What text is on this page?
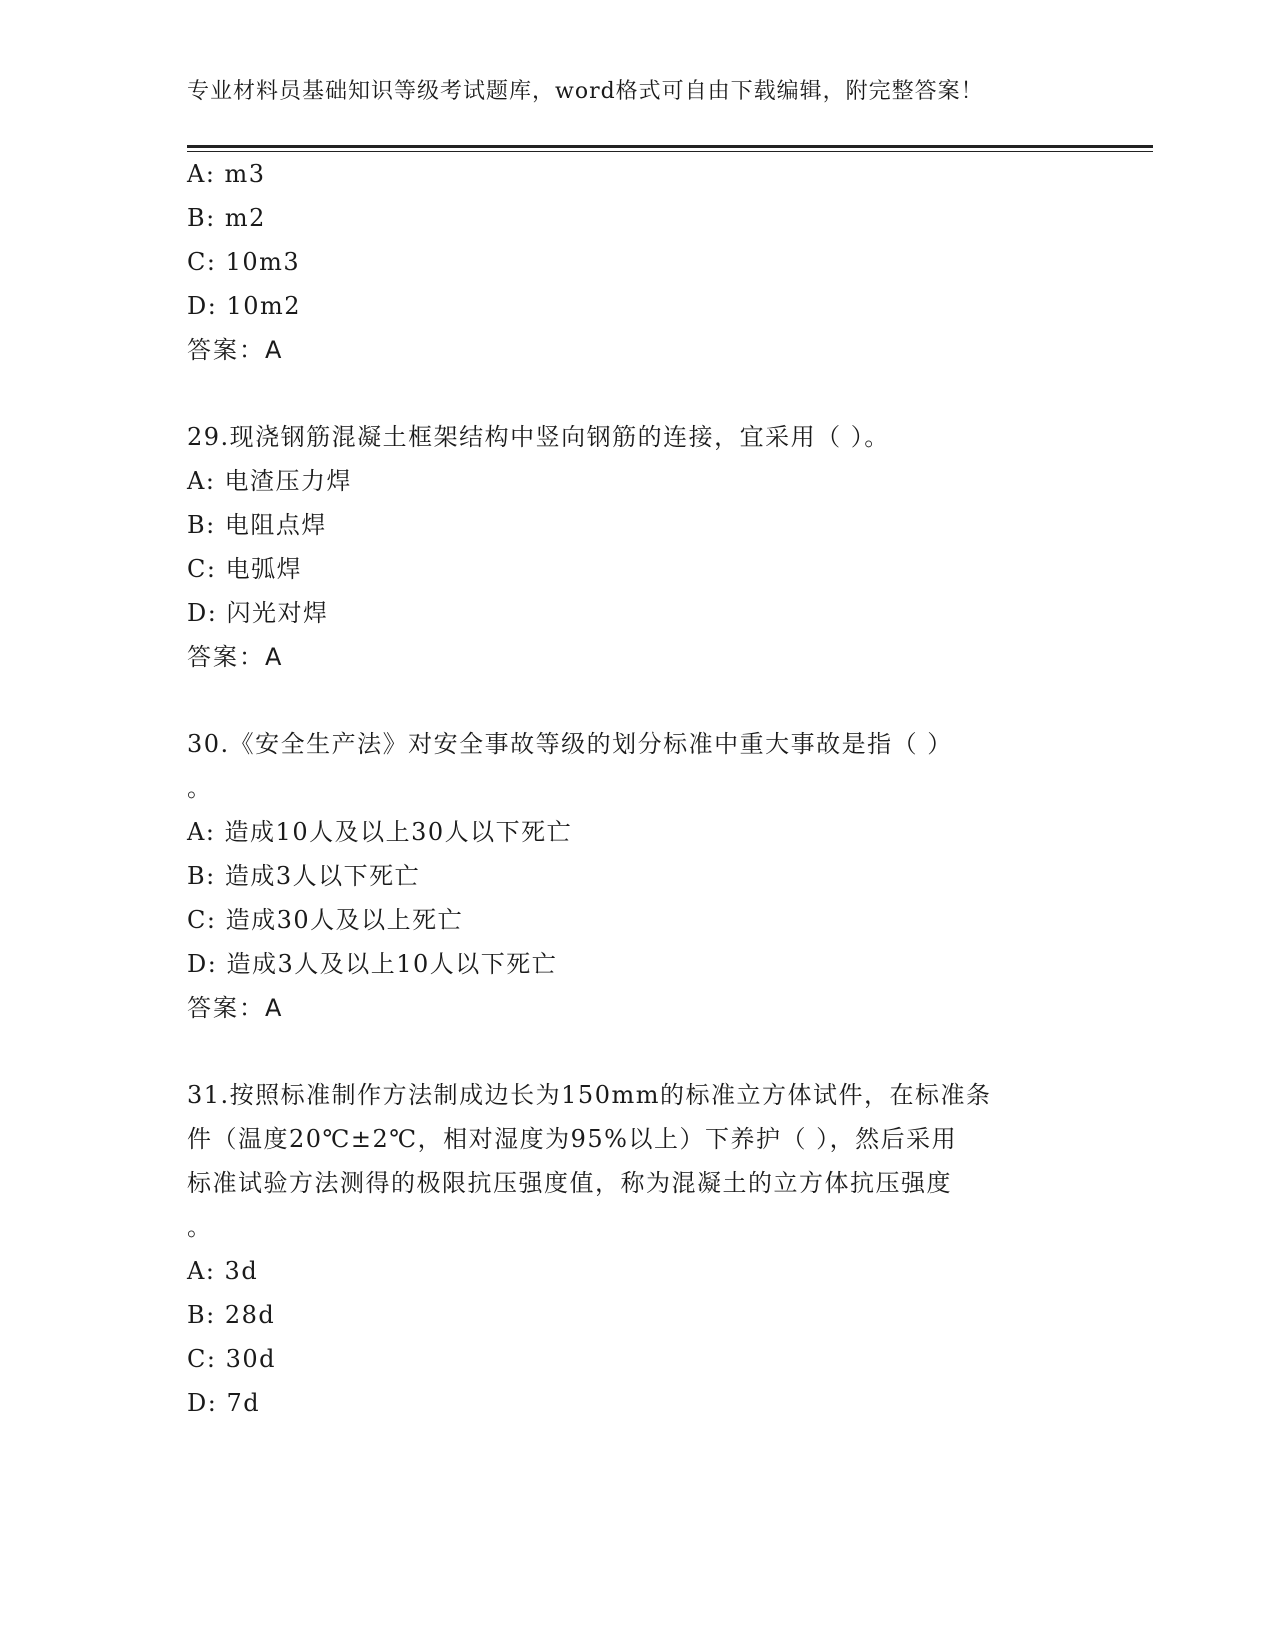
专业材料员基础知识等级考试题库，word格式可自由下载编辑，附完整答案！
A: m3
B: m2
C: 10m3
D: 10m2
答案：A
29.现浇钢筋混凝土框架结构中竖向钢筋的连接，宜采用（ ）。
A: 电渣压力焊
B: 电阻点焊
C: 电弧焊
D: 闪光对焊
答案：A
30.《安全生产法》对安全事故等级的划分标准中重大事故是指（ ）
。
A: 造成10人及以上30人以下死亡
B: 造成3人以下死亡
C: 造成30人及以上死亡
D: 造成3人及以上10人以下死亡
答案：A
31.按照标准制作方法制成边长为150mm的标准立方体试件，在标准条
件（温度20℃±2℃，相对湿度为95%以上）下养护（ ），然后采用
标准试验方法测得的极限抗压强度值，称为混凝土的立方体抗压强度
。
A: 3d
B: 28d
C: 30d
D: 7d
